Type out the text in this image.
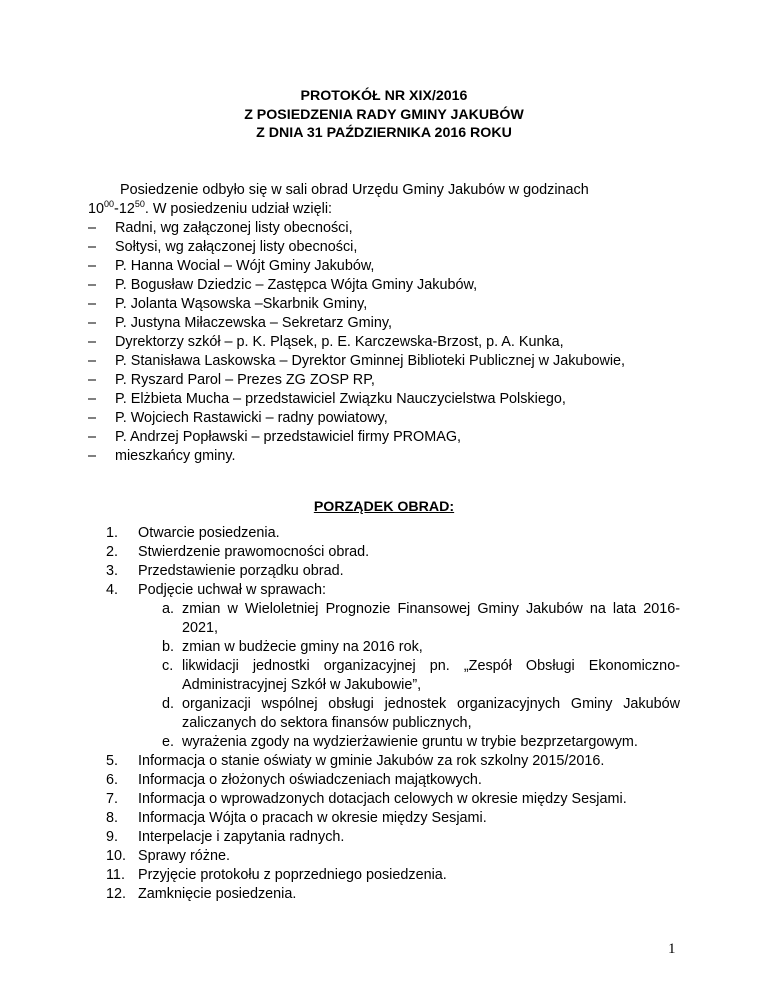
PROTOKÓŁ NR XIX/2016
Z POSIEDZENIA RADY GMINY JAKUBÓW
Z DNIA 31 PAŹDZIERNIKA 2016 ROKU
Posiedzenie odbyło się w sali obrad Urzędu Gminy Jakubów w godzinach
$10^{00}-12^{50}$. W posiedzeniu udział wzięli:
– Radni, wg załączonej listy obecności,
– Sołtysi, wg załączonej listy obecności,
– P. Hanna Wocial – Wójt Gminy Jakubów,
– P. Bogusław Dziedzic – Zastępca Wójta Gminy Jakubów,
– P. Jolanta Wąsowska –Skarbnik Gminy,
– P. Justyna Miłaczewska – Sekretarz Gminy,
– Dyrektorzy szkół – p. K. Pląsek, p. E. Karczewska-Brzost, p. A. Kunka,
– P. Stanisława Laskowska – Dyrektor Gminnej Biblioteki Publicznej w Jakubowie,
– P. Ryszard Parol – Prezes ZG ZOSP RP,
– P. Elżbieta Mucha – przedstawiciel Związku Nauczycielstwa Polskiego,
– P. Wojciech Rastawicki – radny powiatowy,
– P. Andrzej Popławski – przedstawiciel firmy PROMAG,
– mieszkańcy gminy.
PORZĄDEK OBRAD:
1. Otwarcie posiedzenia.
2. Stwierdzenie prawomocności obrad.
3. Przedstawienie porządku obrad.
4. Podjęcie uchwał w sprawach:
a. zmian w Wieloletniej Prognozie Finansowej Gminy Jakubów na lata 2016-2021,
b. zmian w budżecie gminy na 2016 rok,
c. likwidacji jednostki organizacyjnej pn. „Zespół Obsługi Ekonomiczno-Administracyjnej Szkół w Jakubowie”,
d. organizacji wspólnej obsługi jednostek organizacyjnych Gminy Jakubów zaliczanych do sektora finansów publicznych,
e. wyrażenia zgody na wydzierżawienie gruntu w trybie bezprzetargowym.
5. Informacja o stanie oświaty w gminie Jakubów za rok szkolny 2015/2016.
6. Informacja o złożonych oświadczeniach majątkowych.
7. Informacja o wprowadzonych dotacjach celowych w okresie między Sesjami.
8. Informacja Wójta o pracach w okresie między Sesjami.
9. Interpelacje i zapytania radnych.
10. Sprawy różne.
11. Przyjęcie protokołu z poprzedniego posiedzenia.
12. Zamknięcie posiedzenia.
1
